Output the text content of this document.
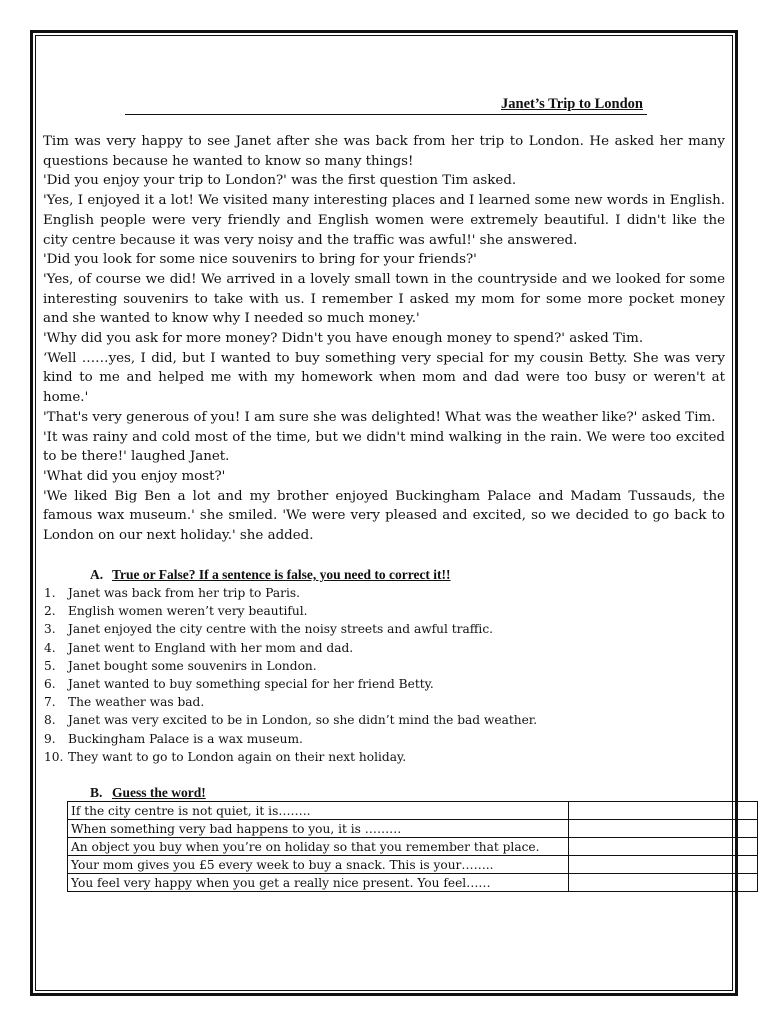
Janet’s Trip to London

Tim was very happy to see Janet after she was back from her trip to London. He asked her many questions because he wanted to know so many things!

'Did you enjoy your trip to London?' was the first question Tim asked.

'Yes, I enjoyed it a lot! We visited many interesting places and I learned some new words in English. English people were very friendly and English women were extremely beautiful. I didn't like the city centre because it was very noisy and the traffic was awful!' she answered.

'Did you look for some nice souvenirs to bring for your friends?'

'Yes, of course we did! We arrived in a lovely small town in the countryside and we looked for some interesting souvenirs to take with us. I remember I asked my mom for some more pocket money and she wanted to know why I needed so much money.'

'Why did you ask for more money? Didn't you have enough money to spend?' asked Tim.

‘Well ……yes, I did, but I wanted to buy something very special for my cousin Betty. She was very kind to me and helped me with my homework when mom and dad were too busy or weren't at home.'

'That's very generous of you! I am sure she was delighted! What was the weather like?' asked Tim.

'It was rainy and cold most of the time, but we didn't mind walking in the rain. We were too excited to be there!' laughed Janet.

'What did you enjoy most?'

'We liked Big Ben a lot and my brother enjoyed Buckingham Palace and Madam Tussauds, the famous wax museum.' she smiled. 'We were very pleased and excited, so we decided to go back to London on our next holiday.' she added.

A. True or False? If a sentence is false, you need to correct it!!
1. Janet was back from her trip to Paris.
2. English women weren’t very beautiful.
3. Janet enjoyed the city centre with the noisy streets and awful traffic.
4. Janet went to England with her mom and dad.
5. Janet bought some souvenirs in London.
6. Janet wanted to buy something special for her friend Betty.
7. The weather was bad.
8. Janet was very excited to be in London, so she didn’t mind the bad weather.
9. Buckingham Palace is a wax museum.
10. They want to go to London again on their next holiday.
B. Guess the word!
If the city centre is not quiet, it is……..	
When something very bad happens to you, it is ………	
An object you buy when you’re on holiday so that you remember that place.	
Your mom gives you £5 every week to buy a snack. This is your……..	
You feel very happy when you get a really nice present. You feel……	
